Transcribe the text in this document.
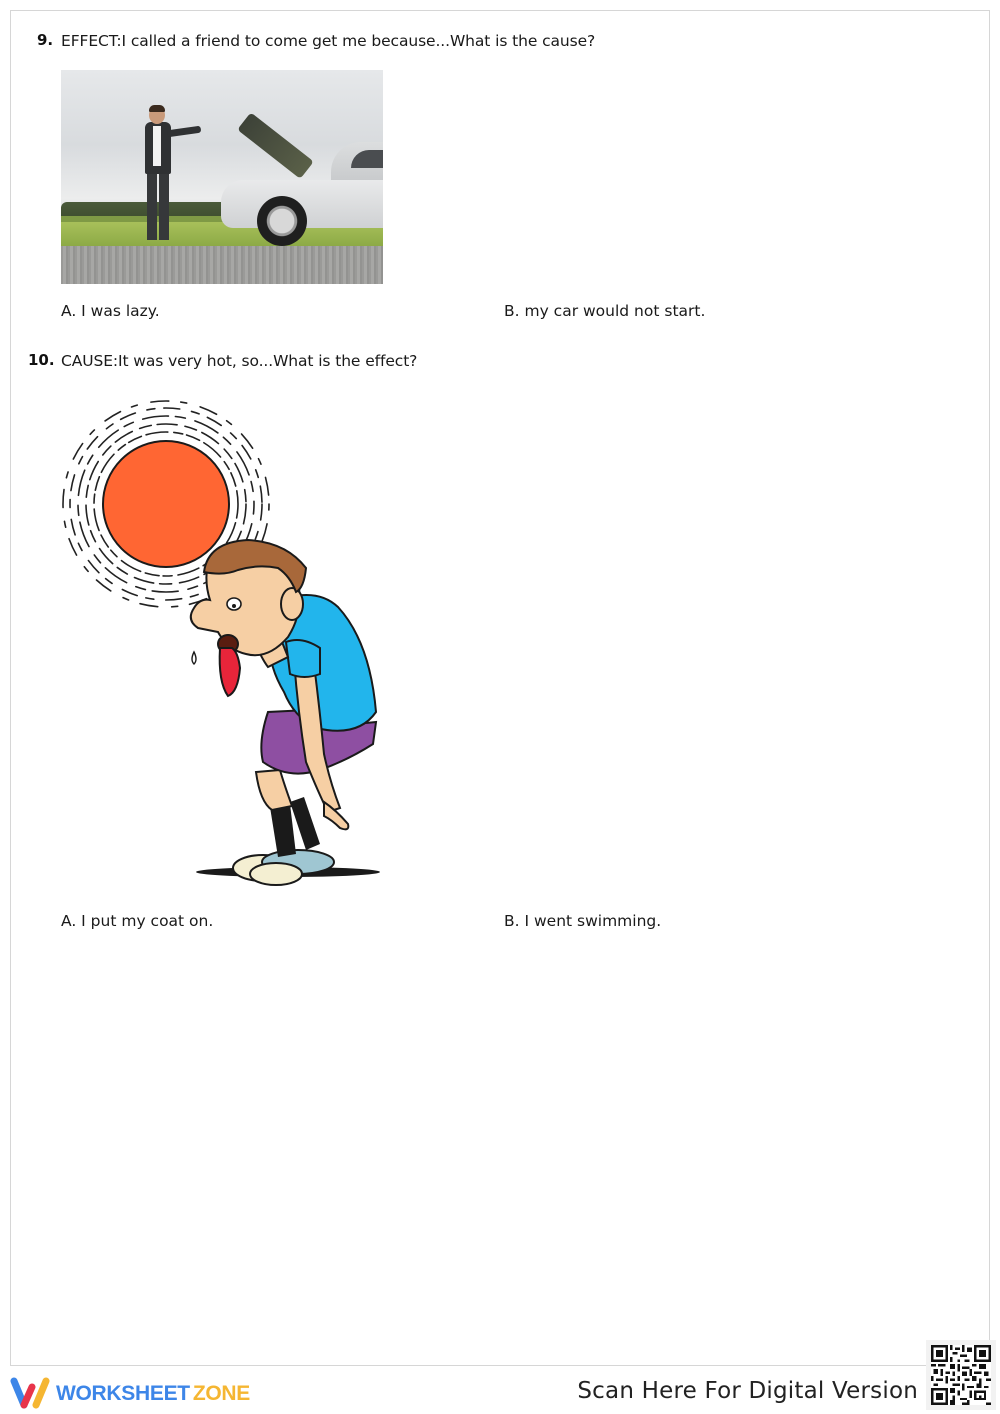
9. EFFECT:I called a friend to come get me because...What is the cause?
A. I was lazy.	B. my car would not start.
10. CAUSE:It was very hot, so...What is the effect?
A. I put my coat on.	B. I went swimming.
WORKSHEET ZONE	Scan Here For Digital Version
